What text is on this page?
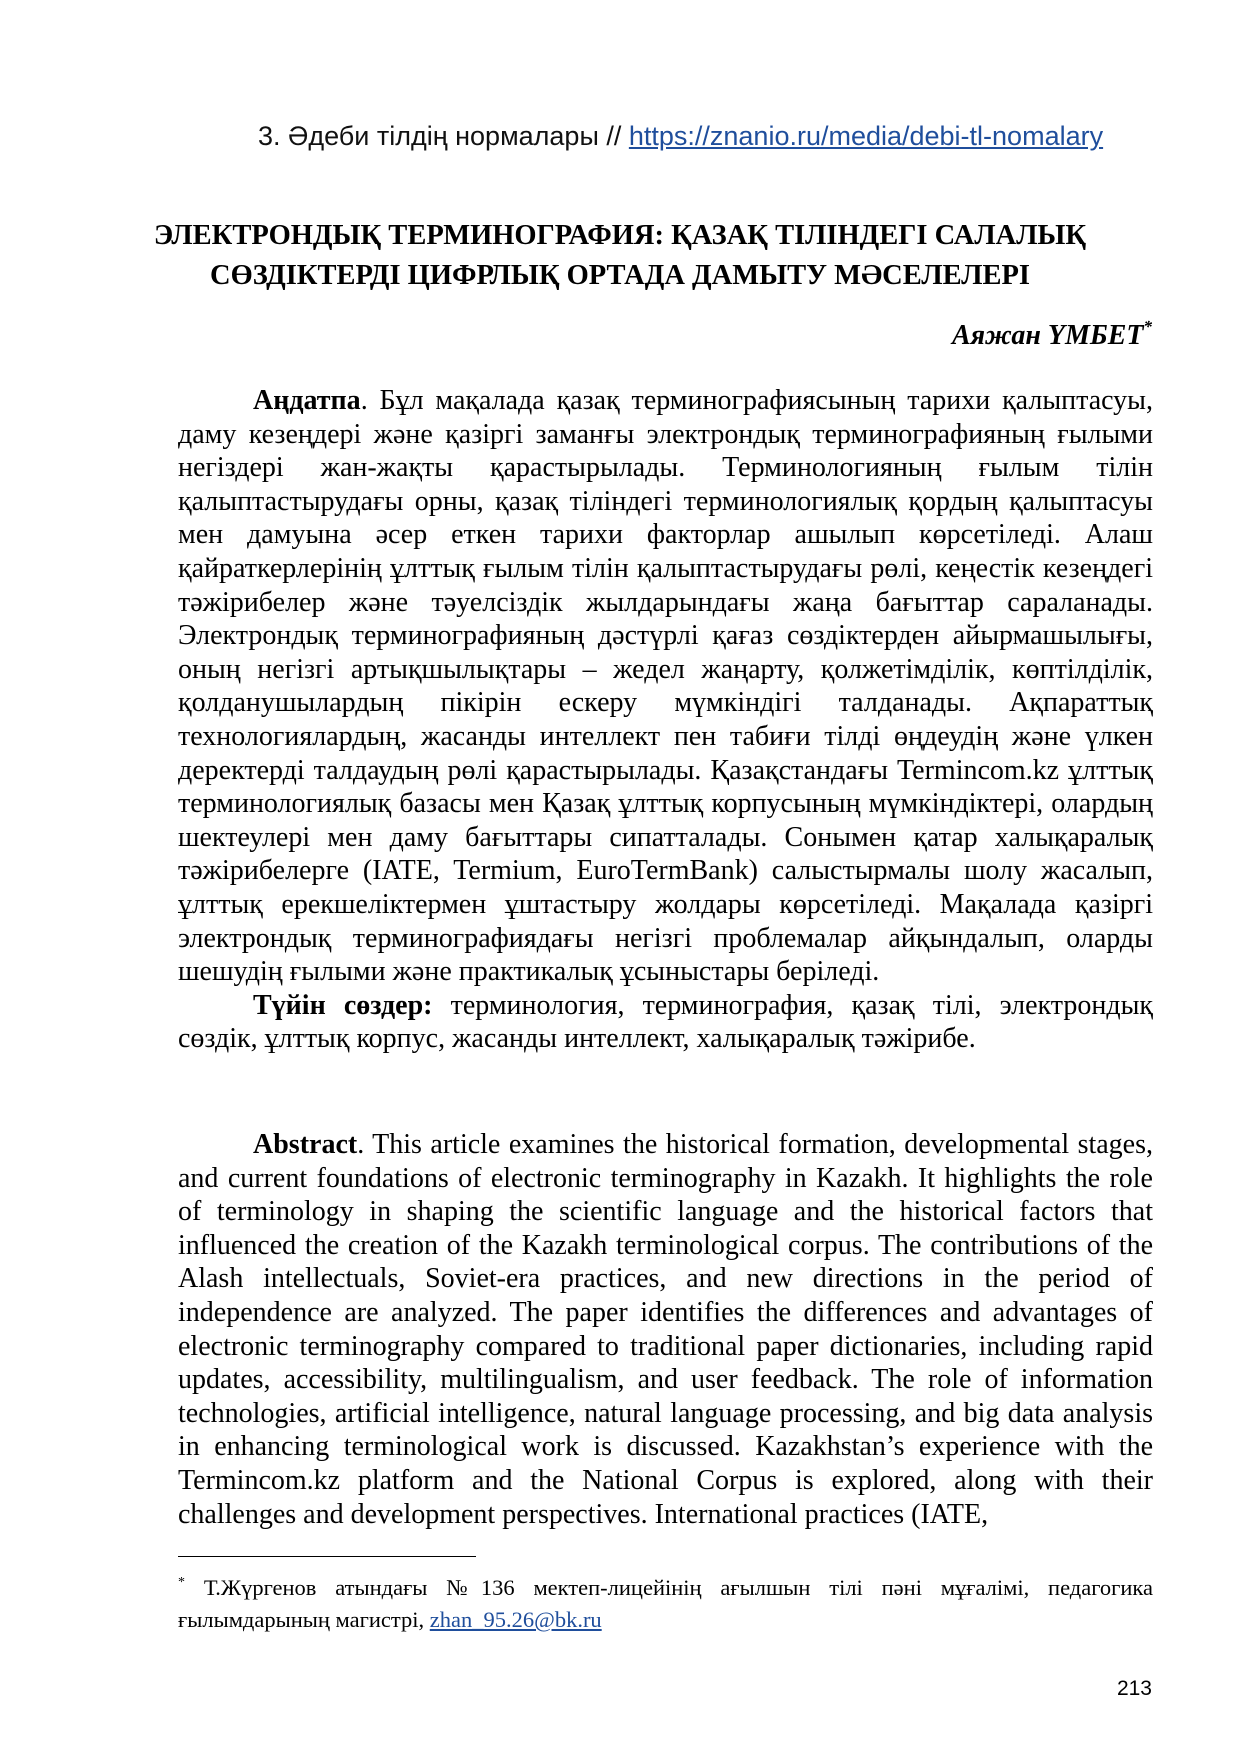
3. Әдеби тілдің нормалары // https://znanio.ru/media/debi-tl-nomalary
ЭЛЕКТРОНДЫҚ ТЕРМИНОГРАФИЯ: ҚАЗАҚ ТІЛІНДЕГІ САЛАЛЫҚ
СӨЗДІКТЕРДІ ЦИФРЛЫҚ ОРТАДА ДАМЫТУ МӘСЕЛЕЛЕРІ
Аяжан ҮМБЕТ*

Аңдатпа. Бұл мақалада қазақ терминографиясының тарихи қалыптасуы, даму кезеңдері және қазіргі заманғы электрондық терминографияның ғылыми негіздері жан-жақты қарастырылады. Терминологияның ғылым тілін қалыптастырудағы орны, қазақ тіліндегі терминологиялық қордың қалыптасуы мен дамуына әсер еткен тарихи факторлар ашылып көрсетіледі. Алаш қайраткерлерінің ұлттық ғылым тілін қалыптастырудағы рөлі, кеңестік кезеңдегі тәжірибелер және тәуелсіздік жылдарындағы жаңа бағыттар сараланады. Электрондық терминографияның дәстүрлі қағаз сөздіктерден айырмашылығы, оның негізгі артықшылықтары – жедел жаңарту, қолжетімділік, көптілділік, қолданушылардың пікірін ескеру мүмкіндігі талданады. Ақпараттық технологиялардың, жасанды интеллект пен табиғи тілді өңдеудің және үлкен деректерді талдаудың рөлі қарастырылады. Қазақстандағы Termincom.kz ұлттық терминологиялық базасы мен Қазақ ұлттық корпусының мүмкіндіктері, олардың шектеулері мен даму бағыттары сипатталады. Сонымен қатар халықаралық тәжірибелерге (IATE, Termium, EuroTermBank) салыстырмалы шолу жасалып, ұлттық ерекшеліктермен ұштастыру жолдары көрсетіледі. Мақалада қазіргі электрондық терминографиядағы негізгі проблемалар айқындалып, оларды шешудің ғылыми және практикалық ұсыныстары беріледі.

Түйін сөздер: терминология, терминография, қазақ тілі, электрондық сөздік, ұлттық корпус, жасанды интеллект, халықаралық тәжірибе.

Abstract. This article examines the historical formation, developmental stages, and current foundations of electronic terminography in Kazakh. It highlights the role of terminology in shaping the scientific language and the historical factors that influenced the creation of the Kazakh terminological corpus. The contributions of the Alash intellectuals, Soviet-era practices, and new directions in the period of independence are analyzed. The paper identifies the differences and advantages of electronic terminography compared to traditional paper dictionaries, including rapid updates, accessibility, multilingualism, and user feedback. The role of information technologies, artificial intelligence, natural language processing, and big data analysis in enhancing terminological work is discussed. Kazakhstan’s experience with the Termincom.kz platform and the National Corpus is explored, along with their challenges and development perspectives. International practices (IATE,

* Т.Жүргенов атындағы №136 мектеп-лицейінің ағылшын тілі пәні мұғалімі, педагогика ғылымдарының магистрі, zhan_95.26@bk.ru
213
